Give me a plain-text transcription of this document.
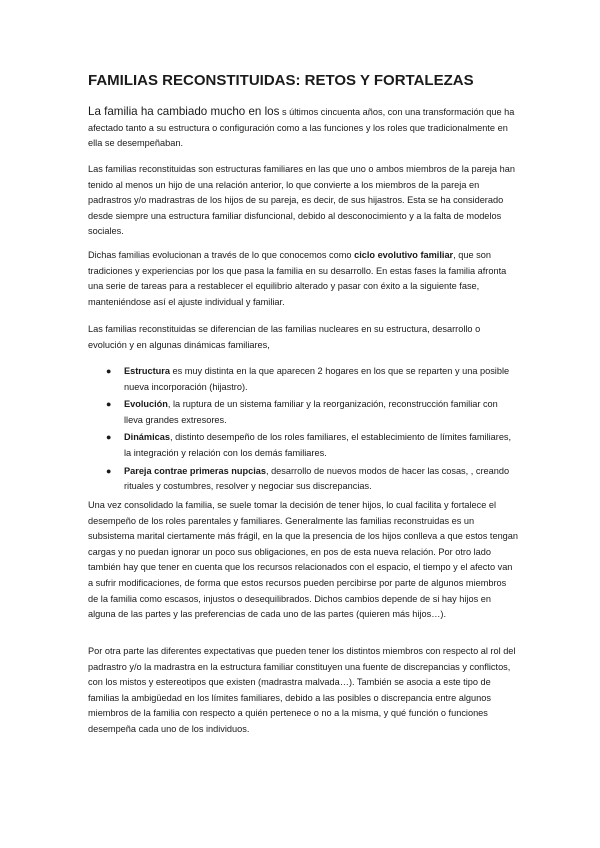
FAMILIAS RECONSTITUIDAS: RETOS Y FORTALEZAS

La familia ha cambiado mucho en los s últimos cincuenta años, con una transformación que ha afectado tanto a su estructura o configuración como a las funciones y los roles que tradicionalmente en ella se desempeñaban.

Las familias reconstituidas son estructuras familiares en las que uno o ambos miembros de la pareja han tenido al menos un hijo de una relación anterior, lo que convierte a los miembros de la pareja en padrastros y/o madrastras de los hijos de su pareja, es decir, de sus hijastros. Esta se ha considerado desde siempre una estructura familiar disfuncional, debido al desconocimiento y a la falta de modelos sociales.

Dichas familias evolucionan a través de lo que conocemos como ciclo evolutivo familiar, que son tradiciones y experiencias por los que pasa la familia en su desarrollo. En estas fases la familia afronta una serie de tareas para a restablecer el equilibrio alterado y pasar con éxito a la siguiente fase, manteniéndose así el ajuste individual y familiar.

Las familias reconstituidas se diferencian de las familias nucleares en su estructura, desarrollo o evolución y en algunas dinámicas familiares,

● Estructura es muy distinta en la que aparecen 2 hogares en los que se reparten y una posible nueva incorporación (hijastro).
● Evolución, la ruptura de un sistema familiar y la reorganización, reconstrucción familiar con lleva grandes extresores.
● Dinámicas, distinto desempeño de los roles familiares, el establecimiento de límites familiares, la integración y relación con los demás familiares.
● Pareja contrae primeras nupcias, desarrollo de nuevos modos de hacer las cosas, , creando rituales y costumbres, resolver y negociar sus discrepancias.

Una vez consolidado la familia, se suele tomar la decisión de tener hijos, lo cual facilita y fortalece el desempeño de los roles parentales y familiares. Generalmente las familias reconstruidas es un subsistema marital ciertamente más frágil, en la que la presencia de los hijos conlleva a que estos tengan cargas y no puedan ignorar un poco sus obligaciones, en pos de esta nueva relación. Por otro lado también hay que tener en cuenta que los recursos relacionados con el espacio, el tiempo y el afecto van a sufrir modificaciones, de forma que estos recursos pueden percibirse por parte de algunos miembros de la familia como escasos, injustos o desequilibrados. Dichos cambios depende de si hay hijos en alguna de las partes y las preferencias de cada uno de las partes (quieren más hijos…).

Por otra parte las diferentes expectativas que pueden tener los distintos miembros con respecto al rol del padrastro y/o la madrastra en la estructura familiar constituyen una fuente de discrepancias y conflictos, con los mistos y estereotipos que existen (madrastra malvada…). También se asocia a este tipo de familias la ambigüedad en los límites familiares, debido a las posibles o discrepancia entre algunos miembros de la familia con respecto a quién pertenece o no a la misma, y qué función o funciones desempeña cada uno de los individuos.
